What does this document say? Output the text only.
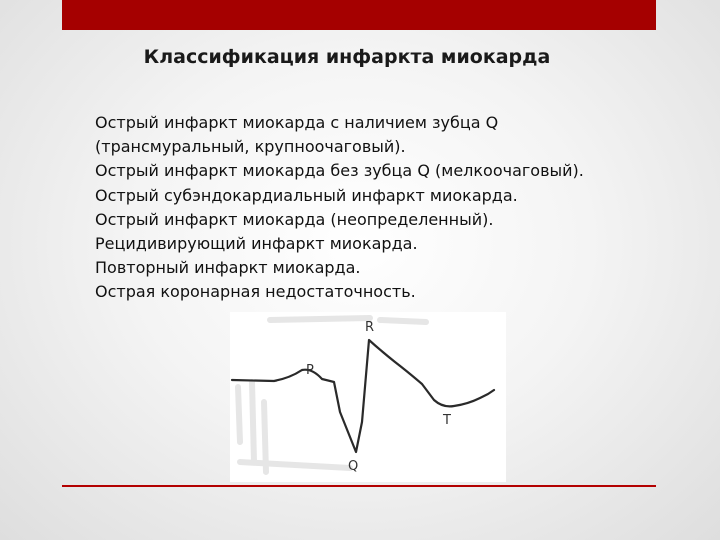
Классификация инфаркта миокарда
Острый инфаркт миокарда с наличием зубца Q
(трансмуральный, крупноочаговый).
Острый инфаркт миокарда без зубца Q (мелкоочаговый).
Острый субэндокардиальный инфаркт миокарда.
Острый инфаркт миокарда (неопределенный).
Рецидивирующий инфаркт миокарда.
Повторный инфаркт миокарда.
Острая коронарная недостаточность.
P
R
Q
T
